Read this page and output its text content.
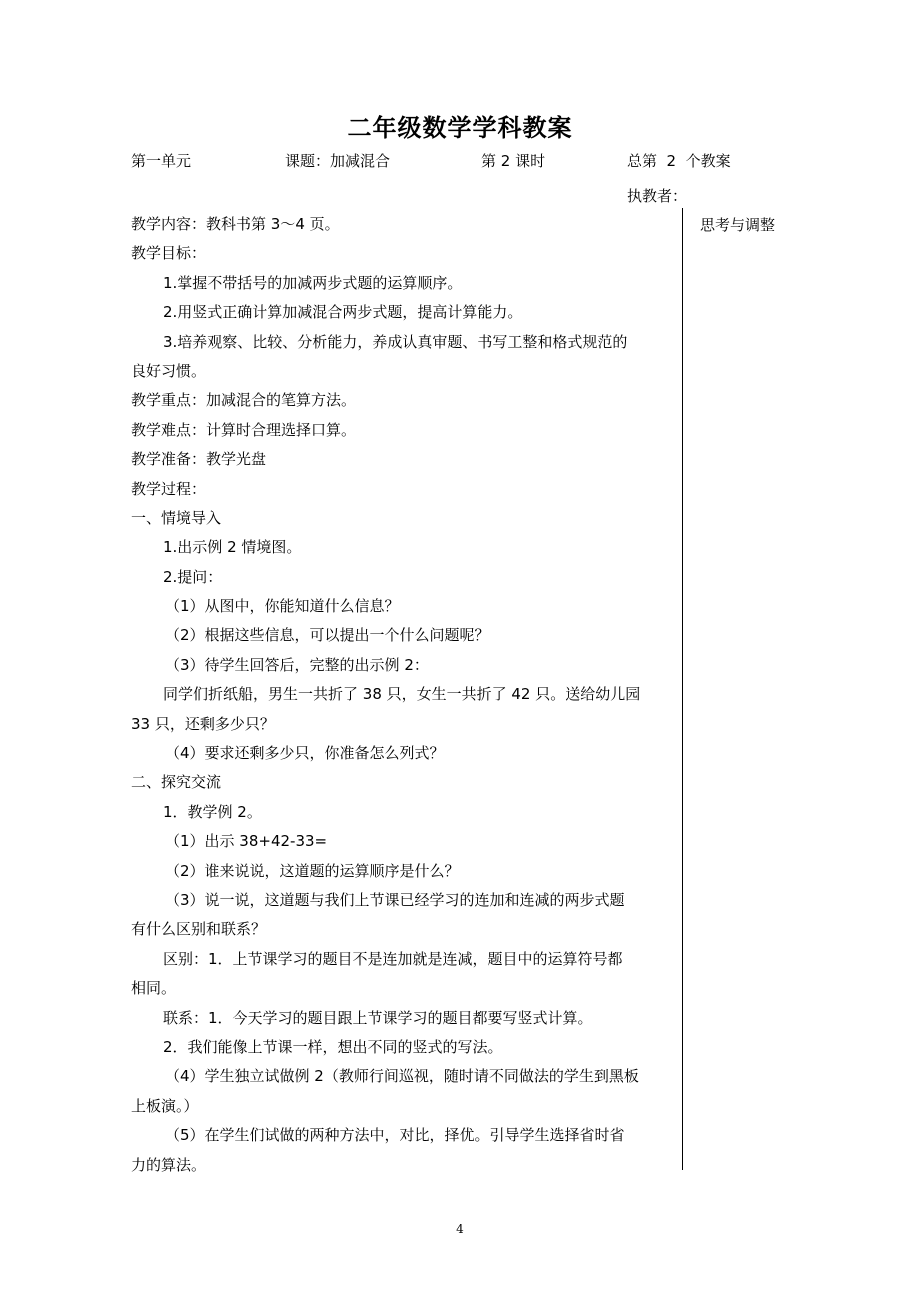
二年级数学学科教案
第一单元	课题：加减混合	第 2 课时	总第  2  个教案
执教者：
思考与调整
教学内容：教科书第 3～4 页。
教学目标：
1.掌握不带括号的加减两步式题的运算顺序。
2.用竖式正确计算加减混合两步式题，提高计算能力。
3.培养观察、比较、分析能力，养成认真审题、书写工整和格式规范的
良好习惯。
教学重点：加减混合的笔算方法。
教学难点：计算时合理选择口算。
教学准备：教学光盘
教学过程：
一、情境导入
1.出示例 2 情境图。
2.提问：
（1）从图中，你能知道什么信息？
（2）根据这些信息，可以提出一个什么问题呢？
（3）待学生回答后，完整的出示例 2：
同学们折纸船，男生一共折了 38 只，女生一共折了 42 只。送给幼儿园
33 只，还剩多少只？
（4）要求还剩多少只，你准备怎么列式？
二、探究交流
1．教学例 2。
（1）出示 38+42-33=
（2）谁来说说，这道题的运算顺序是什么？
（3）说一说，这道题与我们上节课已经学习的连加和连减的两步式题
有什么区别和联系？
区别：1．上节课学习的题目不是连加就是连减，题目中的运算符号都
相同。
联系：1．今天学习的题目跟上节课学习的题目都要写竖式计算。
2．我们能像上节课一样，想出不同的竖式的写法。
（4）学生独立试做例 2（教师行间巡视，随时请不同做法的学生到黑板
上板演。）
（5）在学生们试做的两种方法中，对比，择优。引导学生选择省时省
力的算法。
4
